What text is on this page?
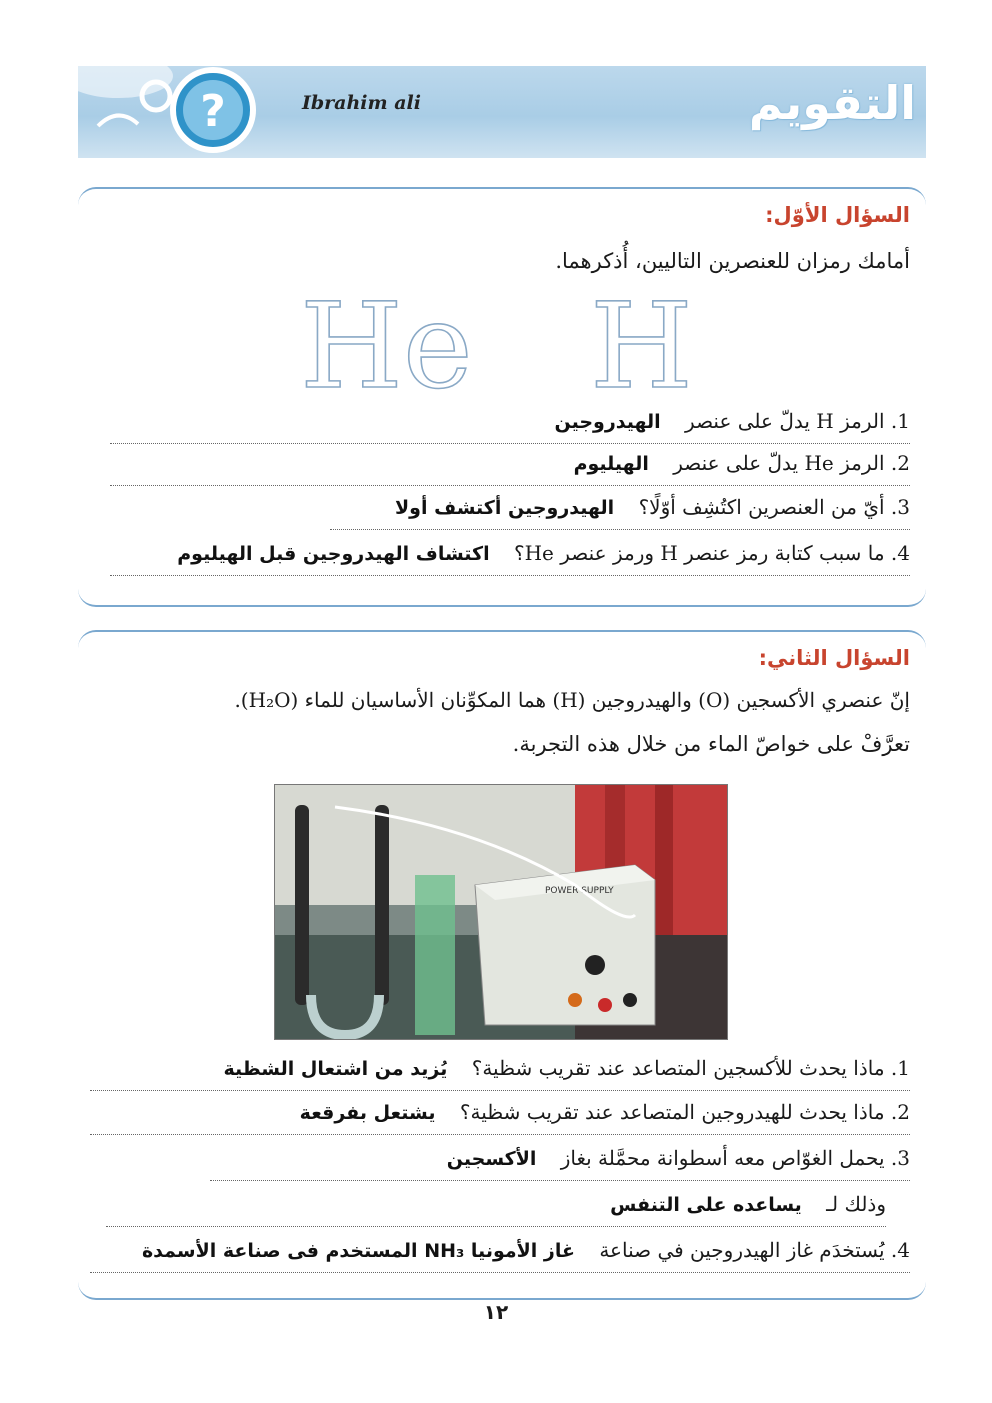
?	Ibrahim ali	التقويم
السؤال الأوّل:
أمامك رمزان للعنصرين التاليين، أُذكرهما.
He H
1. الرمز H يدلّ على عنصر الهيدروجين
2. الرمز He يدلّ على عنصر الهيليوم
3. أيّ من العنصرين اكتُشِف أوّلًا؟ الهيدروجين أكتشف أولا
4. ما سبب كتابة رمز عنصر H ورمز عنصر He؟ اكتشاف الهيدروجين قبل الهيليوم
السؤال الثاني:
إنّ عنصري الأكسجين (O) والهيدروجين (H) هما المكوِّنان الأساسيان للماء (H₂O).
تعرَّفْ على خواصّ الماء من خلال هذه التجربة.
POWER SUPPLY
1. ماذا يحدث للأكسجين المتصاعد عند تقريب شظية؟ يُزيد من اشتعال الشظية
2. ماذا يحدث للهيدروجين المتصاعد عند تقريب شظية؟ يشتعل بفرقعة
3. يحمل الغوّاص معه أسطوانة محمَّلة بغاز الأكسجين
وذلك لـ يساعده على التنفس
4. يُستخدَم غاز الهيدروجين في صناعة غاز الأمونيا NH₃ المستخدم فى صناعة الأسمدة
١٢
